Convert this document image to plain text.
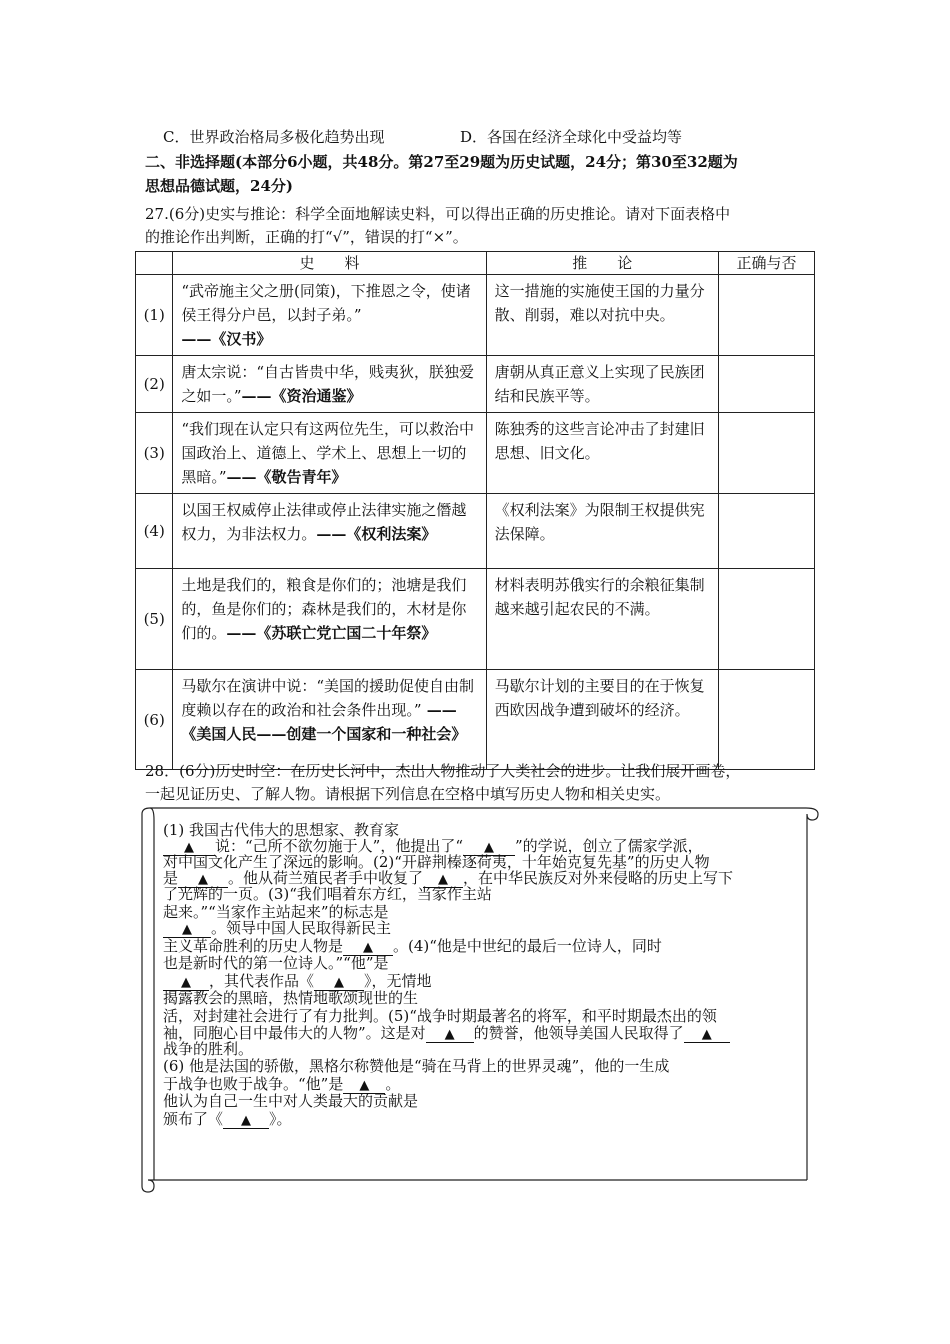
C．世界政治格局多极化趋势出现	D．各国在经济全球化中受益均等
二、非选择题(本部分6小题，共48分。第27至29题为历史试题，24分；第30至32题为
思想品德试题，24分)
27.(6分)史实与推论：科学全面地解读史料，可以得出正确的历史推论。请对下面表格中
的推论作出判断，正确的打“√”，错误的打“×”。
	史　　料	推　　论	正确与否
(1)	“武帝施主父之册(同策)，下推恩之令，使诸侯王得分户邑，以封子弟。”
——《汉书》	这一措施的实施使王国的力量分散、削弱，难以对抗中央。	
(2)	唐太宗说：“自古皆贵中华，贱夷狄，朕独爱之如一。”——《资治通鉴》	唐朝从真正意义上实现了民族团结和民族平等。	
(3)	“我们现在认定只有这两位先生，可以救治中国政治上、道德上、学术上、思想上一切的黑暗。”——《敬告青年》	陈独秀的这些言论冲击了封建旧思想、旧文化。	
(4)	以国王权威停止法律或停止法律实施之僭越权力，为非法权力。——《权利法案》	《权利法案》为限制王权提供宪法保障。	
(5)	土地是我们的，粮食是你们的；池塘是我们的，鱼是你们的；森林是我们的，木材是你们的。——《苏联亡党亡国二十年祭》	材料表明苏俄实行的余粮征集制越来越引起农民的不满。	
(6)	马歇尔在演讲中说：“美国的援助促使自由制度赖以存在的政治和社会条件出现。” ——《美国人民——创建一个国家和一种社会》	马歇尔计划的主要目的在于恢复西欧因战争遭到破坏的经济。	
28．(6分)历史时空：在历史长河中，杰出人物推动了人类社会的进步。让我们展开画卷，
一起见证历史、了解人物。请根据下列信息在空格中填写历史人物和相关史实。
(1) 我国古代伟大的思想家、教育家
▲ 说：“己所不欲勿施于人”，他提出了“ ▲ ”的学说，创立了儒家学派，
对中国文化产生了深远的影响。(2)“开辟荆榛逐荷夷，十年始克复先基”的历史人物
是 ▲ 。他从荷兰殖民者手中收复了 ▲ ，在中华民族反对外来侵略的历史上写下
了光辉的一页。(3)“我们唱着东方红，当家作主站
起来。”“当家作主站起来”的标志是
▲ 。领导中国人民取得新民主
主义革命胜利的历史人物是 ▲ 。(4)“他是中世纪的最后一位诗人，同时
也是新时代的第一位诗人。”“他”是
▲ ，其代表作品《 ▲ 》，无情地
揭露教会的黑暗，热情地歌颂现世的生
活，对封建社会进行了有力批判。(5)“战争时期最著名的将军，和平时期最杰出的领
袖，同胞心目中最伟大的人物”。这是对 ▲ 的赞誉，他领导美国人民取得了 ▲
战争的胜利。
(6) 他是法国的骄傲，黑格尔称赞他是“骑在马背上的世界灵魂”，他的一生成
于战争也败于战争。“他”是 ▲ 。
他认为自己一生中对人类最大的贡献是
颁布了《 ▲ 》。
